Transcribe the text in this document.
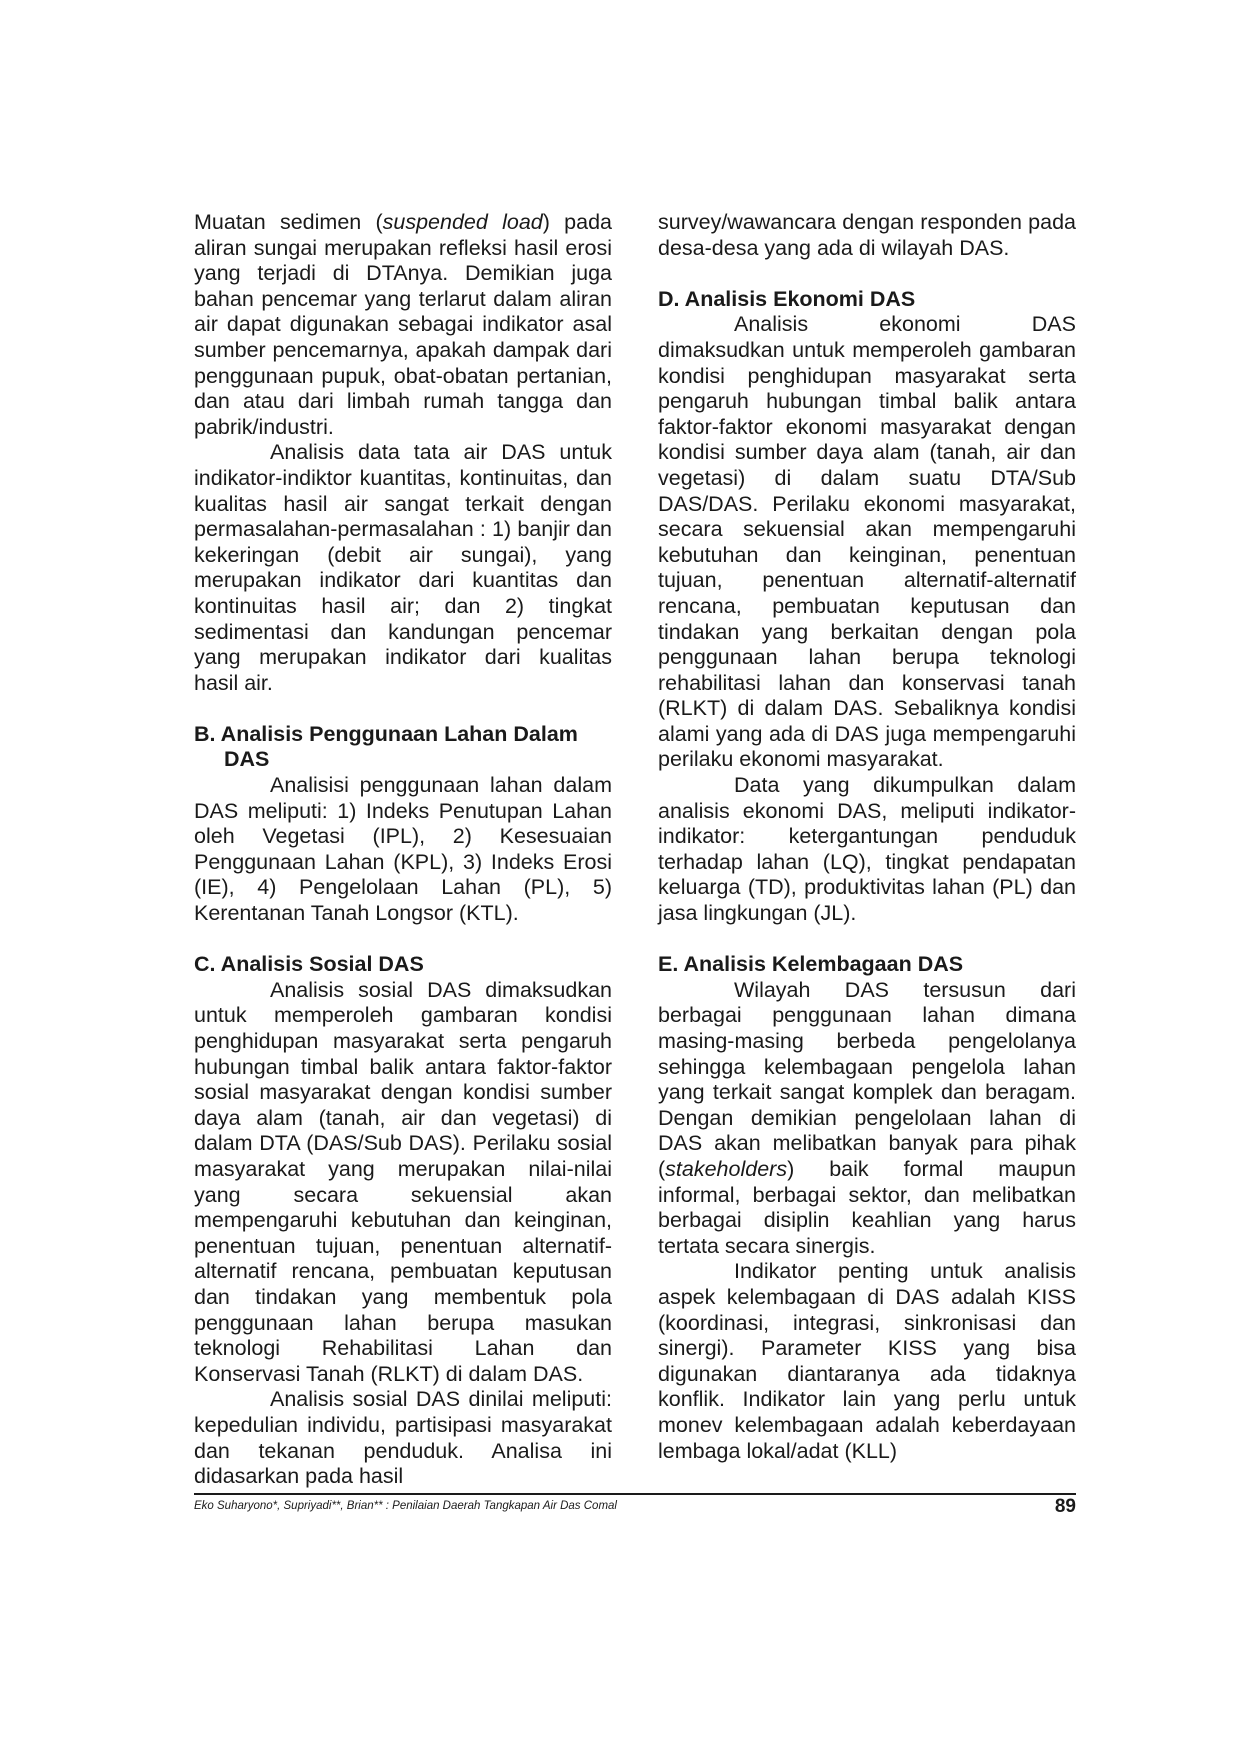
Muatan sedimen (suspended load) pada aliran sungai merupakan refleksi hasil erosi yang terjadi di DTAnya. Demikian juga bahan pencemar yang terlarut dalam aliran air dapat digunakan sebagai indikator asal sumber pencemarnya, apakah dampak dari penggunaan pupuk, obat-obatan pertanian, dan atau dari limbah rumah tangga dan pabrik/industri.

Analisis data tata air DAS untuk indikator-indiktor kuantitas, kontinuitas, dan kualitas hasil air sangat terkait dengan permasalahan-permasalahan : 1) banjir dan kekeringan (debit air sungai), yang merupakan indikator dari kuantitas dan kontinuitas hasil air; dan 2) tingkat sedimentasi dan kandungan pencemar yang merupakan indikator dari kualitas hasil air.

B. Analisis Penggunaan Lahan Dalam DAS

Analisisi penggunaan lahan dalam DAS meliputi: 1) Indeks Penutupan Lahan oleh Vegetasi (IPL), 2) Kesesuaian Penggunaan Lahan (KPL), 3) Indeks Erosi (IE), 4) Pengelolaan Lahan (PL), 5) Kerentanan Tanah Longsor (KTL).

C. Analisis Sosial DAS

Analisis sosial DAS dimaksudkan untuk memperoleh gambaran kondisi penghidupan masyarakat serta pengaruh hubungan timbal balik antara faktor-faktor sosial masyarakat dengan kondisi sumber daya alam (tanah, air dan vegetasi) di dalam DTA (DAS/Sub DAS). Perilaku sosial masyarakat yang merupakan nilai-nilai yang secara sekuensial akan mempengaruhi kebutuhan dan keinginan, penentuan tujuan, penentuan alternatif-alternatif rencana, pembuatan keputusan dan tindakan yang membentuk pola penggunaan lahan berupa masukan teknologi Rehabilitasi Lahan dan Konservasi Tanah (RLKT) di dalam DAS.

Analisis sosial DAS dinilai meliputi: kepedulian individu, partisipasi masyarakat dan tekanan penduduk. Analisa ini didasarkan pada hasil

survey/wawancara dengan responden pada desa-desa yang ada di wilayah DAS.

D. Analisis Ekonomi DAS

Analisis ekonomi DAS dimaksudkan untuk memperoleh gambaran kondisi penghidupan masyarakat serta pengaruh hubungan timbal balik antara faktor-faktor ekonomi masyarakat dengan kondisi sumber daya alam (tanah, air dan vegetasi) di dalam suatu DTA/Sub DAS/DAS. Perilaku ekonomi masyarakat, secara sekuensial akan mempengaruhi kebutuhan dan keinginan, penentuan tujuan, penentuan alternatif-alternatif rencana, pembuatan keputusan dan tindakan yang berkaitan dengan pola penggunaan lahan berupa teknologi rehabilitasi lahan dan konservasi tanah (RLKT) di dalam DAS. Sebaliknya kondisi alami yang ada di DAS juga mempengaruhi perilaku ekonomi masyarakat.

Data yang dikumpulkan dalam analisis ekonomi DAS, meliputi indikator-indikator: ketergantungan penduduk terhadap lahan (LQ), tingkat pendapatan keluarga (TD), produktivitas lahan (PL) dan jasa lingkungan (JL).

E. Analisis Kelembagaan DAS

Wilayah DAS tersusun dari berbagai penggunaan lahan dimana masing-masing berbeda pengelolanya sehingga kelembagaan pengelola lahan yang terkait sangat komplek dan beragam. Dengan demikian pengelolaan lahan di DAS akan melibatkan banyak para pihak (stakeholders) baik formal maupun informal, berbagai sektor, dan melibatkan berbagai disiplin keahlian yang harus tertata secara sinergis.

Indikator penting untuk analisis aspek kelembagaan di DAS adalah KISS (koordinasi, integrasi, sinkronisasi dan sinergi). Parameter KISS yang bisa digunakan diantaranya ada tidaknya konflik. Indikator lain yang perlu untuk monev kelembagaan adalah keberdayaan lembaga lokal/adat (KLL)

Eko Suharyono*, Supriyadi**, Brian** : Penilaian Daerah Tangkapan Air Das Comal	89
